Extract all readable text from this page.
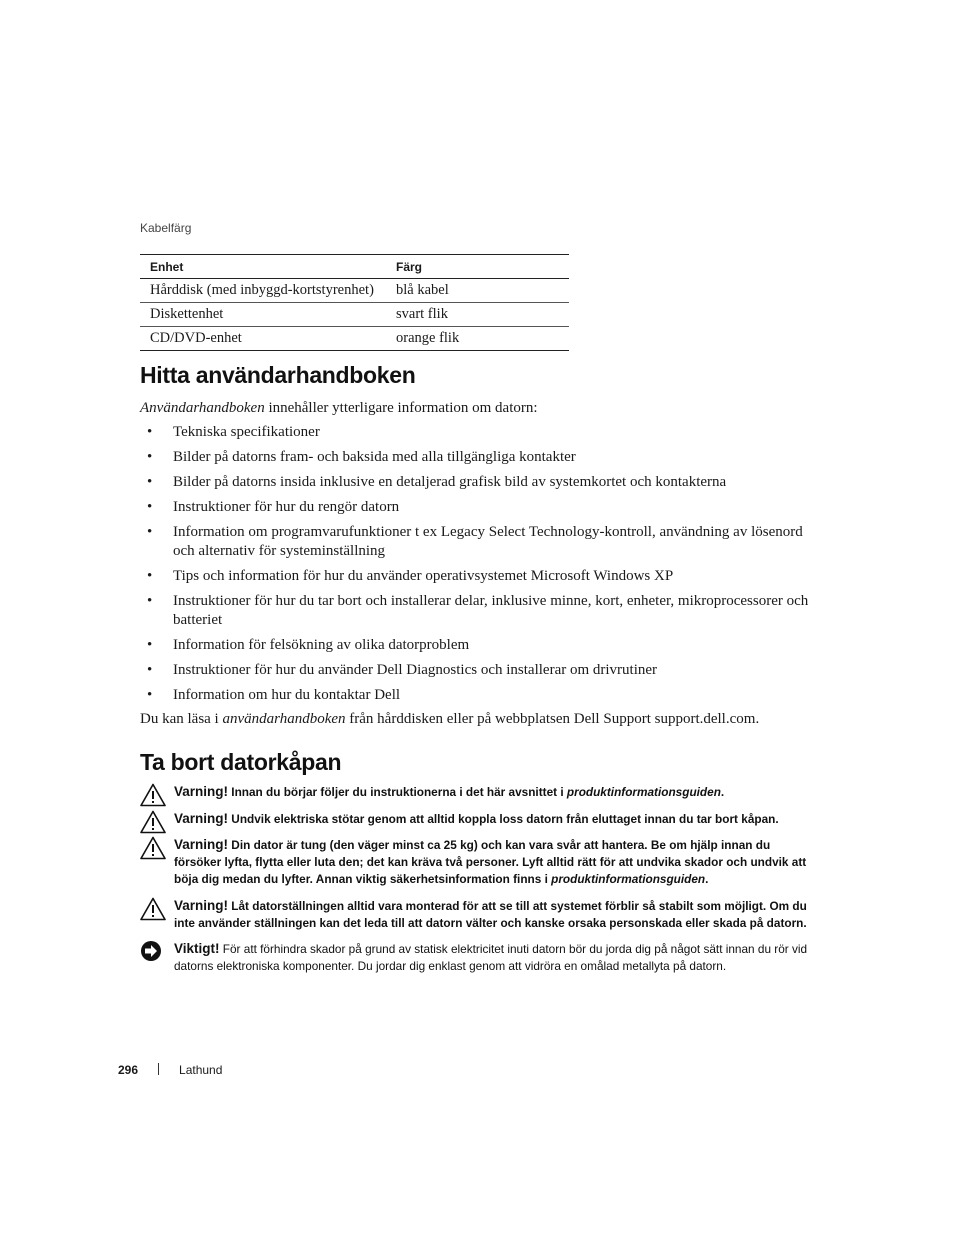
Kabelfärg
Enhet	Färg
Hårddisk (med inbyggd-kortstyrenhet)	blå kabel
Diskettenhet	svart flik
CD/DVD-enhet	orange flik
Hitta användarhandboken
Användarhandboken innehåller ytterligare information om datorn:
• Tekniska specifikationer
• Bilder på datorns fram- och baksida med alla tillgängliga kontakter
• Bilder på datorns insida inklusive en detaljerad grafisk bild av systemkortet och kontakterna
• Instruktioner för hur du rengör datorn
• Information om programvarufunktioner t ex Legacy Select Technology-kontroll, användning av lösenord och alternativ för systeminställning
• Tips och information för hur du använder operativsystemet Microsoft Windows XP
• Instruktioner för hur du tar bort och installerar delar, inklusive minne, kort, enheter, mikroprocessorer och batteriet
• Information för felsökning av olika datorproblem
• Instruktioner för hur du använder Dell Diagnostics och installerar om drivrutiner
• Information om hur du kontaktar Dell
Du kan läsa i användarhandboken från hårddisken eller på webbplatsen Dell Support support.dell.com.
Ta bort datorkåpan
Varning! Innan du börjar följer du instruktionerna i det här avsnittet i produktinformationsguiden.
Varning! Undvik elektriska stötar genom att alltid koppla loss datorn från eluttaget innan du tar bort kåpan.
Varning! Din dator är tung (den väger minst ca 25 kg) och kan vara svår att hantera. Be om hjälp innan du försöker lyfta, flytta eller luta den; det kan kräva två personer. Lyft alltid rätt för att undvika skador och undvik att böja dig medan du lyfter. Annan viktig säkerhetsinformation finns i produktinformationsguiden.
Varning! Låt datorställningen alltid vara monterad för att se till att systemet förblir så stabilt som möjligt. Om du inte använder ställningen kan det leda till att datorn välter och kanske orsaka personskada eller skada på datorn.
Viktigt! För att förhindra skador på grund av statisk elektricitet inuti datorn bör du jorda dig på något sätt innan du rör vid datorns elektroniska komponenter. Du jordar dig enklast genom att vidröra en omålad metallyta på datorn.
296	Lathund
